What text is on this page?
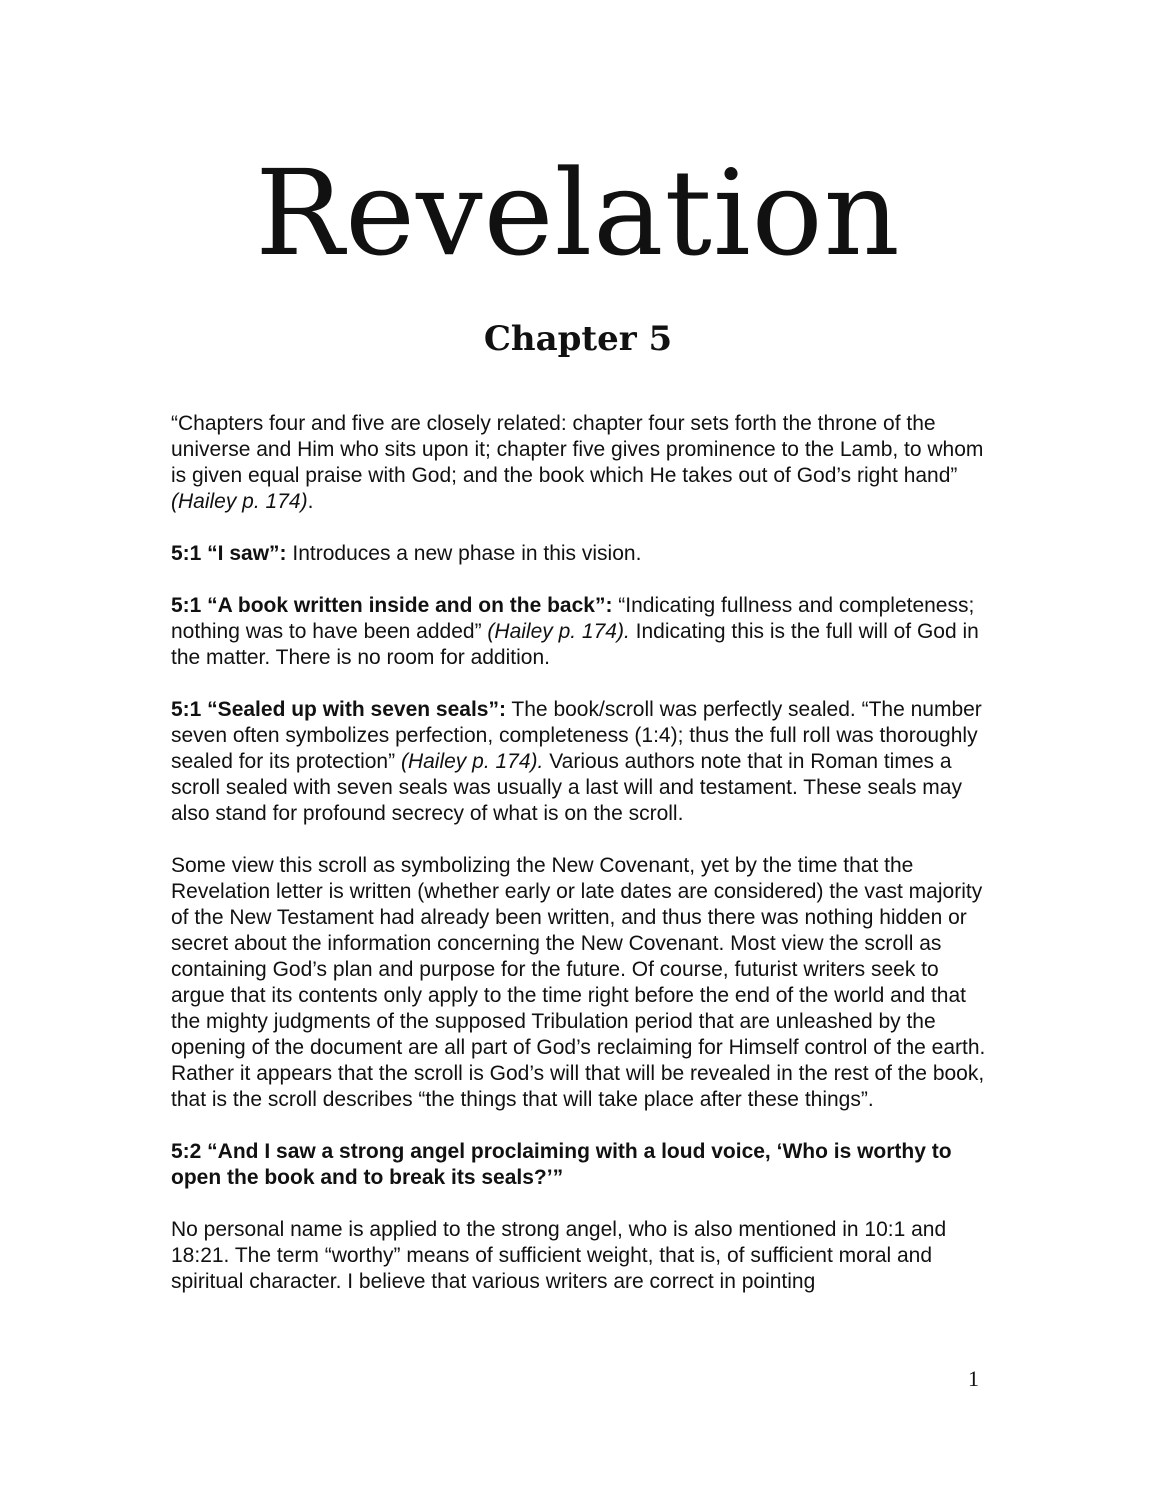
Revelation
Chapter 5

“Chapters four and five are closely related: chapter four sets forth the throne of the universe and Him who sits upon it; chapter five gives prominence to the Lamb, to whom is given equal praise with God; and the book which He takes out of God’s right hand” (Hailey p. 174).

5:1 “I saw”: Introduces a new phase in this vision.

5:1 “A book written inside and on the back”: “Indicating fullness and completeness; nothing was to have been added” (Hailey p. 174). Indicating this is the full will of God in the matter. There is no room for addition.

5:1 “Sealed up with seven seals”: The book/scroll was perfectly sealed. “The number seven often symbolizes perfection, completeness (1:4); thus the full roll was thoroughly sealed for its protection” (Hailey p. 174). Various authors note that in Roman times a scroll sealed with seven seals was usually a last will and testament. These seals may also stand for profound secrecy of what is on the scroll.

Some view this scroll as symbolizing the New Covenant, yet by the time that the Revelation letter is written (whether early or late dates are considered) the vast majority of the New Testament had already been written, and thus there was nothing hidden or secret about the information concerning the New Covenant. Most view the scroll as containing God’s plan and purpose for the future. Of course, futurist writers seek to argue that its contents only apply to the time right before the end of the world and that the mighty judgments of the supposed Tribulation period that are unleashed by the opening of the document are all part of God’s reclaiming for Himself control of the earth. Rather it appears that the scroll is God’s will that will be revealed in the rest of the book, that is the scroll describes “the things that will take place after these things”.

5:2 “And I saw a strong angel proclaiming with a loud voice, ‘Who is worthy to open the book and to break its seals?’”

No personal name is applied to the strong angel, who is also mentioned in 10:1 and 18:21. The term “worthy” means of sufficient weight, that is, of sufficient moral and spiritual character. I believe that various writers are correct in pointing

1
